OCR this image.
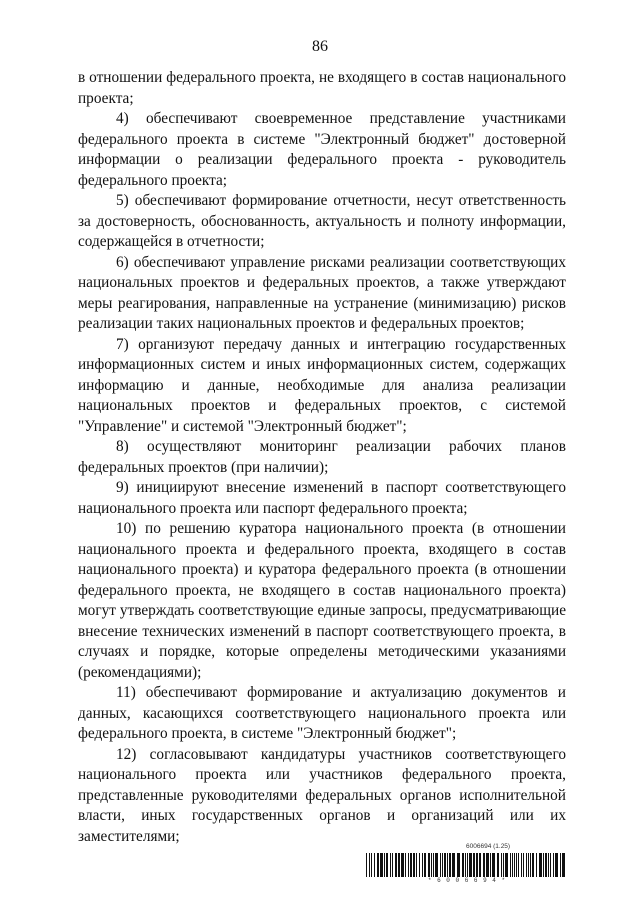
86

в отношении федерального проекта, не входящего в состав национального проекта;

4) обеспечивают своевременное представление участниками федерального проекта в системе "Электронный бюджет" достоверной информации о реализации федерального проекта - руководитель федерального проекта;

5) обеспечивают формирование отчетности, несут ответственность за достоверность, обоснованность, актуальность и полноту информации, содержащейся в отчетности;

6) обеспечивают управление рисками реализации соответствующих национальных проектов и федеральных проектов, а также утверждают меры реагирования, направленные на устранение (минимизацию) рисков реализации таких национальных проектов и федеральных проектов;

7) организуют передачу данных и интеграцию государственных информационных систем и иных информационных систем, содержащих информацию и данные, необходимые для анализа реализации национальных проектов и федеральных проектов, с системой "Управление" и системой "Электронный бюджет";

8) осуществляют мониторинг реализации рабочих планов федеральных проектов (при наличии);

9) инициируют внесение изменений в паспорт соответствующего национального проекта или паспорт федерального проекта;

10) по решению куратора национального проекта (в отношении национального проекта и федерального проекта, входящего в состав национального проекта) и куратора федерального проекта (в отношении федерального проекта, не входящего в состав национального проекта) могут утверждать соответствующие единые запросы, предусматривающие внесение технических изменений в паспорт соответствующего проекта, в случаях и порядке, которые определены методическими указаниями (рекомендациями);

11) обеспечивают формирование и актуализацию документов и данных, касающихся соответствующего национального проекта или федерального проекта, в системе "Электронный бюджет";

12) согласовывают кандидатуры участников соответствующего национального проекта или участников федерального проекта, представленные руководителями федеральных органов исполнительной власти, иных государственных органов и организаций или их заместителями;

6006694 (1.25)
* 6 0 0 6 6 9 4 *
